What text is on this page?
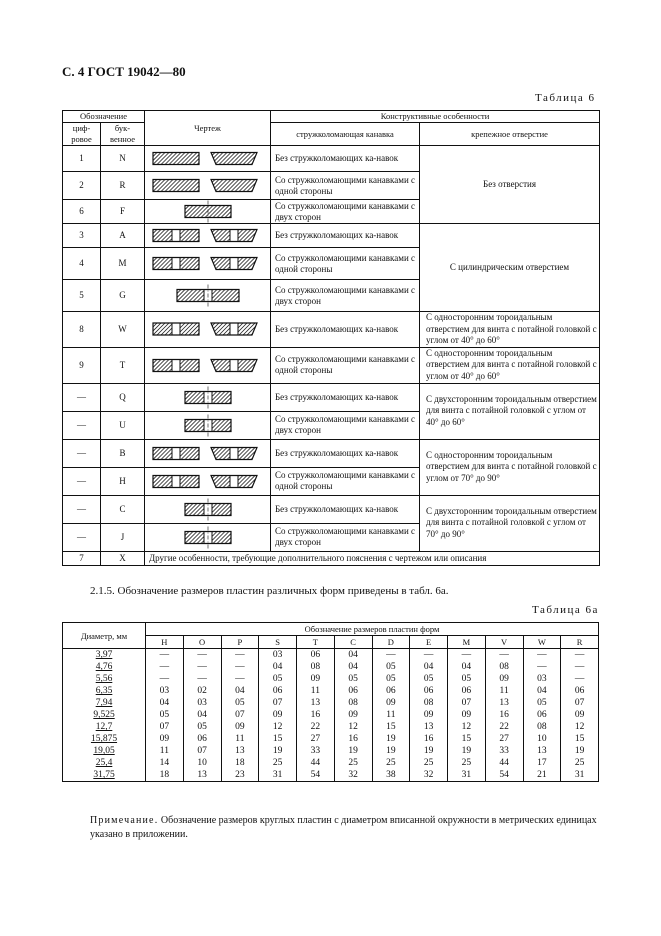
С. 4 ГОСТ 19042—80
Таблица 6
Обозначение		Чертеж	Конструктивные особенности	
циф-ровое	бук-венное		стружколомающая канавка	крепежное отверстие
1	N		Без стружколомающих ка-навок	Без отверстия
2	R		Со стружколомающими канавками с одной стороны	
6	F		Со стружколомающими канавками с двух сторон	
3	A		Без стружколомающих ка-навок	С цилиндрическим отверстием
4	M		Со стружколомающими канавками с одной стороны	
5	G		Со стружколомающими канавками с двух сторон	
8	W		Без стружколомающих ка-навок	С односторонним тороидальным отверстием для винта с потайной головкой с углом от 40° до 60°
9	T		Со стружколомающими канавками с одной стороны	С односторонним тороидальным отверстием для винта с потайной головкой с углом от 40° до 60°
—	Q		Без стружколомающих ка-навок	С двухсторонним тороидальным отверстием для винта с потайной головкой с углом от 40° до 60°
—	U		Со стружколомающими канавками с двух сторон	
—	B		Без стружколомающих ка-навок	С односторонним тороидальным отверстием для винта с потайной головкой с углом от 70° до 90°
—	H		Со стружколомающими канавками с одной стороны	
—	C		Без стружколомающих ка-навок	С двухсторонним тороидальным отверстием для винта с потайной головкой с углом от 70° до 90°
—	J		Со стружколомающими канавками с двух сторон	
7	X	Другие особенности, требующие дополнительного пояснения с чертежом или описания		
2.1.5. Обозначение размеров пластин различных форм приведены в табл. 6а.
Таблица 6а
Диаметр, мм	Обозначение размеров пластин форм											
	H	O	P	S	T	C	D	E	M	V	W	R
3,97	—	—	—	03	06	04	—	—	—	—	—	—
4,76	—	—	—	04	08	04	05	04	04	08	—	—
5,56	—	—	—	05	09	05	05	05	05	09	03	—
6,35	03	02	04	06	11	06	06	06	06	11	04	06
7,94	04	03	05	07	13	08	09	08	07	13	05	07
9,525	05	04	07	09	16	09	11	09	09	16	06	09
12,7	07	05	09	12	22	12	15	13	12	22	08	12
15,875	09	06	11	15	27	16	19	16	15	27	10	15
19,05	11	07	13	19	33	19	19	19	19	33	13	19
25,4	14	10	18	25	44	25	25	25	25	44	17	25
31,75	18	13	23	31	54	32	38	32	31	54	21	31
Примечание. Обозначение размеров круглых пластин с диаметром вписанной окружности в метрических единицах указано в приложении.
